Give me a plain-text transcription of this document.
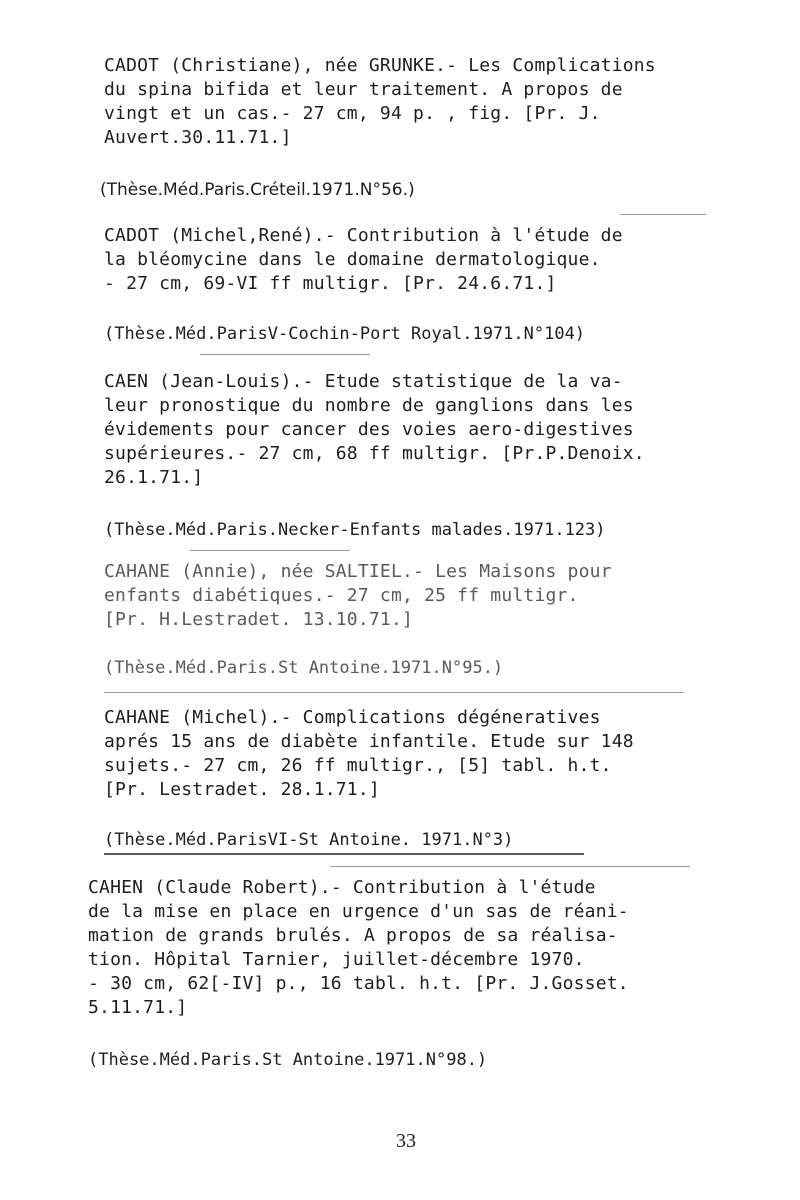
CADOT (Christiane), née GRUNKE.- Les Complications
du spina bifida et leur traitement. A propos de
vingt et un cas.- 27 cm, 94 p. , fig. [Pr. J.
Auvert.30.11.71.]
(Thèse.Méd.Paris.Créteil.1971.N°56.)
CADOT (Michel,René).- Contribution à l'étude de
la bléomycine dans le domaine dermatologique.
- 27 cm, 69-VI ff multigr. [Pr. 24.6.71.]
(Thèse.Méd.ParisV-Cochin-Port Royal.1971.N°104)
CAEN (Jean-Louis).- Etude statistique de la va-
leur pronostique du nombre de ganglions dans les
évidements pour cancer des voies aero-digestives
supérieures.- 27 cm, 68 ff multigr. [Pr.P.Denoix.
26.1.71.]
(Thèse.Méd.Paris.Necker-Enfants malades.1971.123)
CAHANE (Annie), née SALTIEL.- Les Maisons pour
enfants diabétiques.- 27 cm, 25 ff multigr.
[Pr. H.Lestradet. 13.10.71.]
(Thèse.Méd.Paris.St Antoine.1971.N°95.)
CAHANE (Michel).- Complications dégéneratives
aprés 15 ans de diabète infantile. Etude sur 148
sujets.- 27 cm, 26 ff multigr., [5] tabl. h.t.
[Pr. Lestradet. 28.1.71.]
(Thèse.Méd.ParisVI-St Antoine. 1971.N°3)
CAHEN (Claude Robert).- Contribution à l'étude
de la mise en place en urgence d'un sas de réani-
mation de grands brulés. A propos de sa réalisa-
tion. Hôpital Tarnier, juillet-décembre 1970.
- 30 cm, 62[-IV] p., 16 tabl. h.t. [Pr. J.Gosset.
5.11.71.]
(Thèse.Méd.Paris.St Antoine.1971.N°98.)
33
